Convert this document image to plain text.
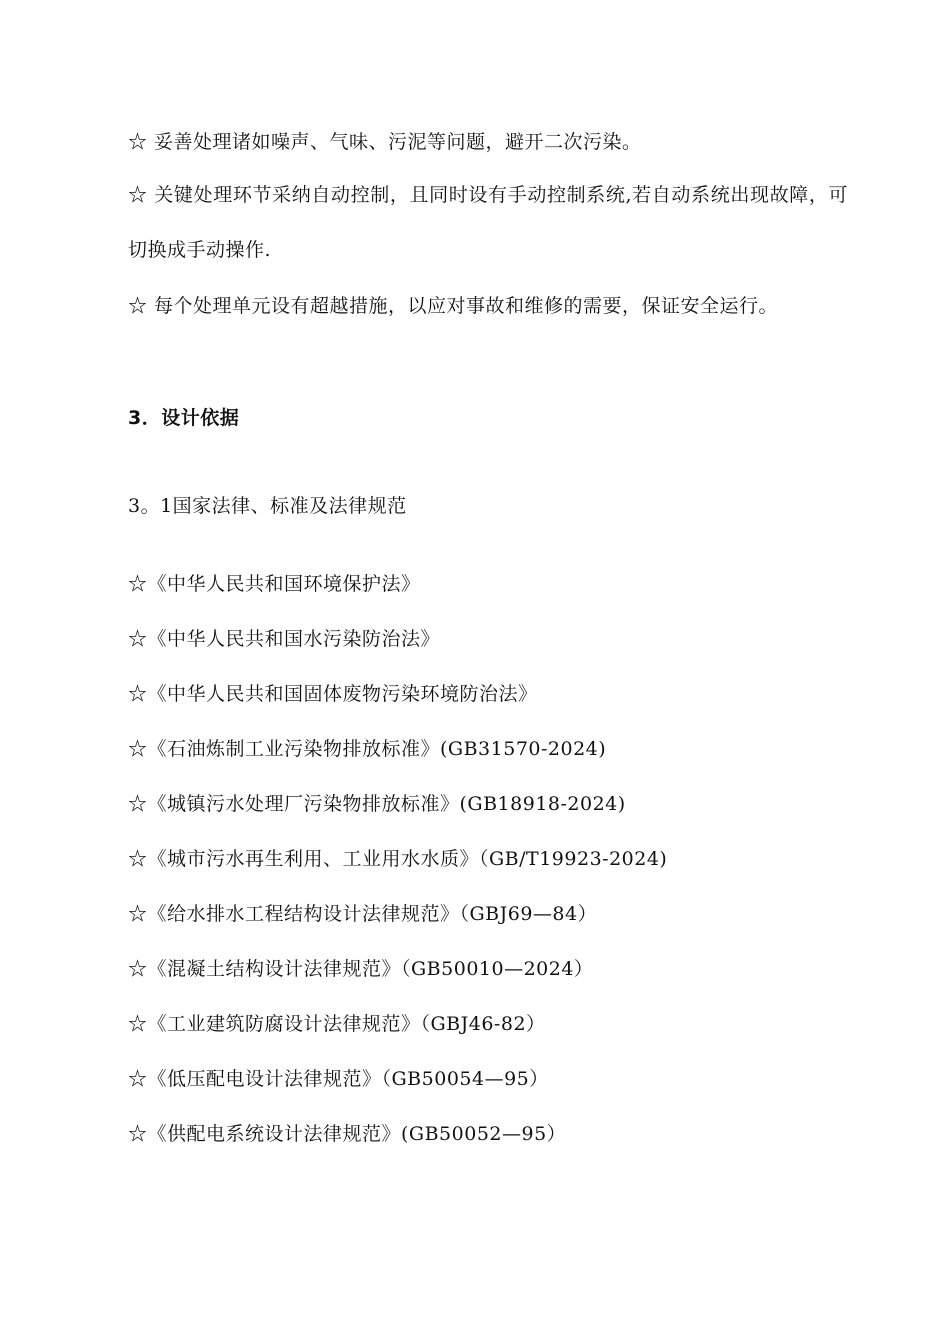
☆ 妥善处理诸如噪声、气味、污泥等问题，避开二次污染。
☆ 关键处理环节采纳自动控制，且同时设有手动控制系统,若自动系统出现故障，可切换成手动操作.
☆ 每个处理单元设有超越措施，以应对事故和维修的需要，保证安全运行。
3．设计依据
3。1国家法律、标准及法律规范
☆《中华人民共和国环境保护法》
☆《中华人民共和国水污染防治法》
☆《中华人民共和国固体废物污染环境防治法》
☆《石油炼制工业污染物排放标准》(GB31570-2024)
☆《城镇污水处理厂污染物排放标准》(GB18918-2024)
☆《城市污水再生利用、工业用水水质》（GB/T19923-2024)
☆《给水排水工程结构设计法律规范》（GBJ69—84）
☆《混凝土结构设计法律规范》（GB50010—2024）
☆《工业建筑防腐设计法律规范》（GBJ46-82）
☆《低压配电设计法律规范》（GB50054—95）
☆《供配电系统设计法律规范》(GB50052—95）
